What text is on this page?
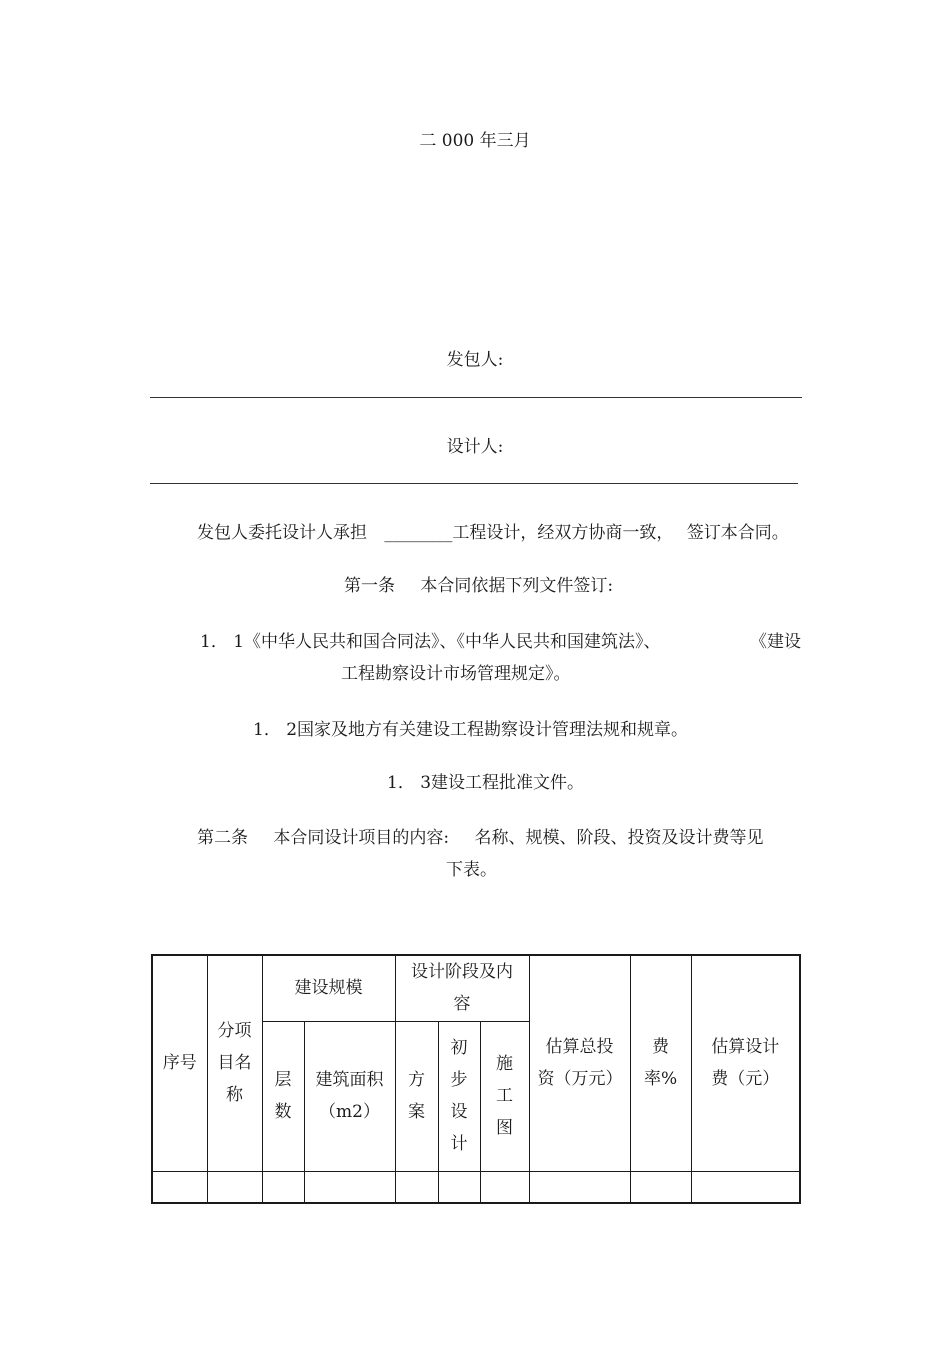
二 000 年三月
发包人:
设计人:
发包人委托设计人承担 ________工程设计，经双方协商一致， 签订本合同。
第一条 本合同依据下列文件签订:
1． 1《中华人民共和国合同法》、《中华人民共和国建筑法》、	《建设
工程勘察设计市场管理规定》。
1． 2国家及地方有关建设工程勘察设计管理法规和规章。
1． 3建设工程批准文件。
第二条 本合同设计项目的内容: 名称、规模、阶段、投资及设计费等见
下表。
序号	分项目名称	建设规模		设计阶段及内容			估算总投资（万元）	费率%	估算设计费（元）
		层数	建筑面积（m2）	方案	初步设计	施工图			
